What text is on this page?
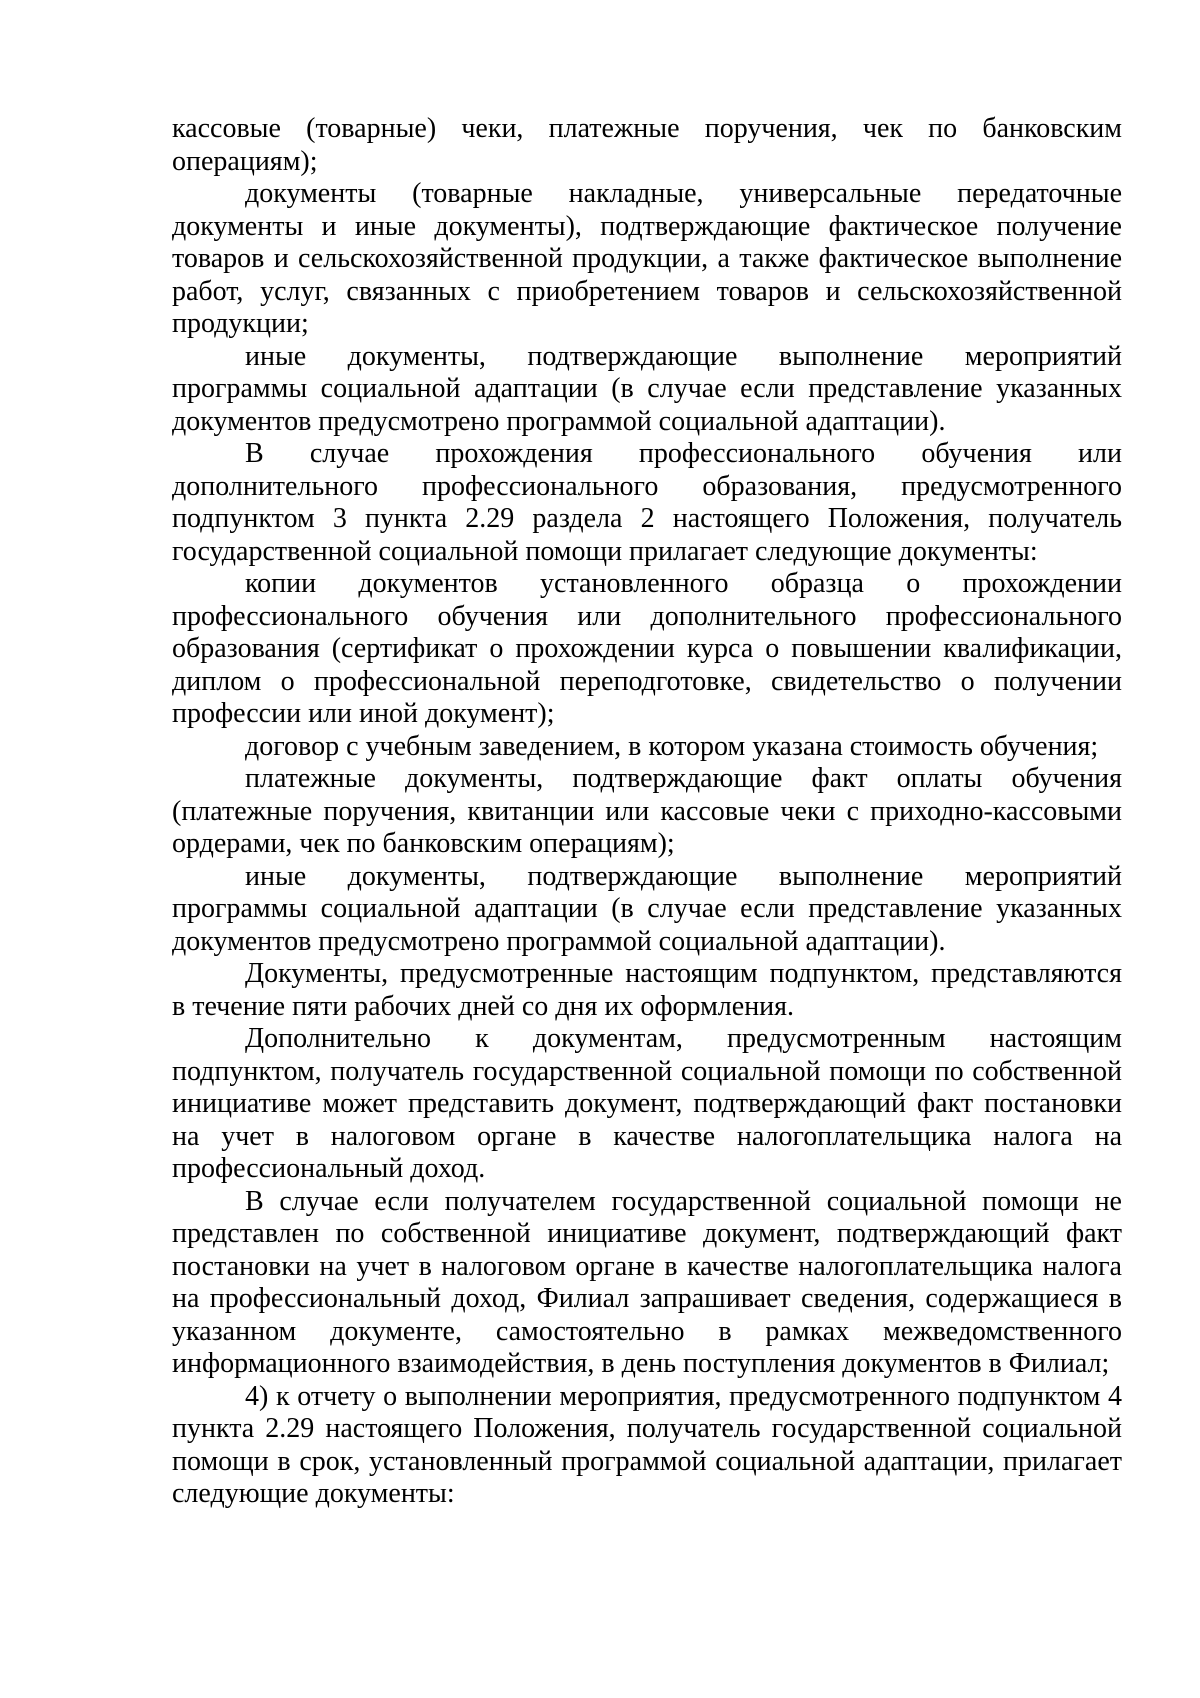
кассовые (товарные) чеки, платежные поручения, чек по банковским операциям);

документы (товарные накладные, универсальные передаточные документы и иные документы), подтверждающие фактическое получение товаров и сельскохозяйственной продукции, а также фактическое выполнение работ, услуг, связанных с приобретением товаров и сельскохозяйственной продукции;

иные документы, подтверждающие выполнение мероприятий программы социальной адаптации (в случае если представление указанных документов предусмотрено программой социальной адаптации).

В случае прохождения профессионального обучения или дополнительного профессионального образования, предусмотренного подпунктом 3 пункта 2.29 раздела 2 настоящего Положения, получатель государственной социальной помощи прилагает следующие документы:

копии документов установленного образца о прохождении профессионального обучения или дополнительного профессионального образования (сертификат о прохождении курса о повышении квалификации, диплом о профессиональной переподготовке, свидетельство о получении профессии или иной документ);

договор с учебным заведением, в котором указана стоимость обучения;

платежные документы, подтверждающие факт оплаты обучения (платежные поручения, квитанции или кассовые чеки с приходно-кассовыми ордерами, чек по банковским операциям);

иные документы, подтверждающие выполнение мероприятий программы социальной адаптации (в случае если представление указанных документов предусмотрено программой социальной адаптации).

Документы, предусмотренные настоящим подпунктом, представляются в течение пяти рабочих дней со дня их оформления.

Дополнительно к документам, предусмотренным настоящим подпунктом, получатель государственной социальной помощи по собственной инициативе может представить документ, подтверждающий факт постановки на учет в налоговом органе в качестве налогоплательщика налога на профессиональный доход.

В случае если получателем государственной социальной помощи не представлен по собственной инициативе документ, подтверждающий факт постановки на учет в налоговом органе в качестве налогоплательщика налога на профессиональный доход, Филиал запрашивает сведения, содержащиеся в указанном документе, самостоятельно в рамках межведомственного информационного взаимодействия, в день поступления документов в Филиал;

4) к отчету о выполнении мероприятия, предусмотренного подпунктом 4 пункта 2.29 настоящего Положения, получатель государственной социальной помощи в срок, установленный программой социальной адаптации, прилагает следующие документы:
